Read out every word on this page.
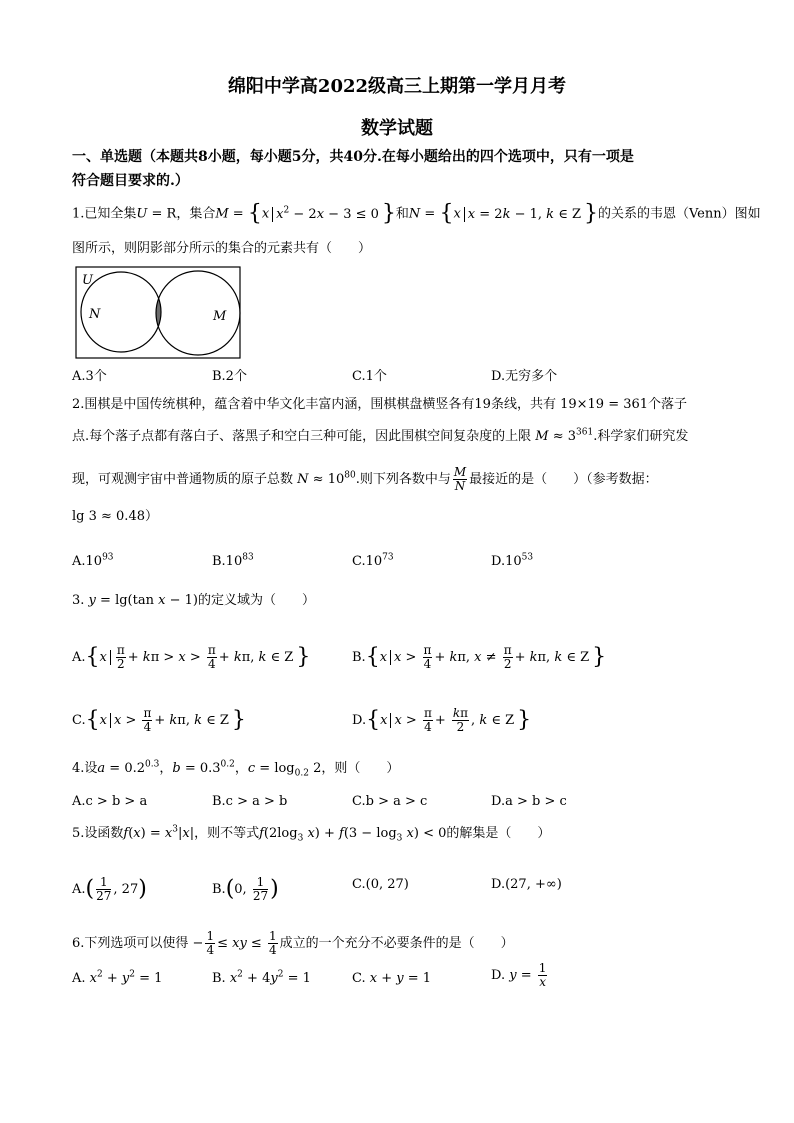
绵阳中学高2022级高三上期第一学月月考
数学试题
一、单选题（本题共8小题，每小题5分，共40分.在每小题给出的四个选项中，只有一项是
符合题目要求的.）
1.已知全集U = R，集合M = {x $x^2 - 2x - 3 \le 0$ }和N = {x x = 2k − 1, k ∈ Z }的关系的韦恩（Venn）图如
图所示，则阴影部分所示的集合的元素共有（　　）
U
N	M
A.3个	B.2个	C.1个	D.无穷多个
2.围棋是中国传统棋种，蕴含着中华文化丰富内涵，围棋棋盘横竖各有19条线，共有 19×19 = 361个落子
点.每个落子点都有落白子、落黑子和空白三种可能，因此围棋空间复杂度的上限 $M \approx 3^{361}$.科学家们研究发
现，可观测宇宙中普通物质的原子总数 $N \approx 10^{80}$.则下列各数中与 $\frac{M}{N}$ 最接近的是（　　）（参考数据：
lg 3 ≈ 0.48）
$A.10^{93}$	$B.10^{83}$	$C.10^{73}$	$D.10^{53}$
3. y = lg(tan x − 1)的定义域为（　　）
$A.\{x \frac{\pi}{2} + k\pi > x > \frac{\pi}{4} + k\pi$, k ∈ Z }	B.{x $x > \frac{\pi}{4} + k\pi$, $x \ne \frac{\pi}{2} + k\pi$, k ∈ Z }
C.{x $x > \frac{\pi}{4} + k\pi$, k ∈ Z }	D.{x $x > \frac{\pi}{4} + \frac{k\pi}{2}$ , k ∈ Z }
4.设$a = 0.2^{0.3}$，$b = 0.3^{0.2}$，$c = \log_{0.2} 2$，则（　　）
A.c > b > a	B.c > a > b	C.b > a > c	D.a > b > c
5.设函数$f(x) = x^3|x|$，则不等式$f(2\log_3$ $x) + f(3 - \log_3 x) < 0$的解集是（　　）
$A.( \frac{1}{27}$ , 27)	B.(0, $\frac{1}{27}$ )	C.(0, 27)	D.(27, +∞)
6.下列选项可以使得 − $\frac{1}{4}$ ≤ xy ≤ $\frac{1}{4}$ 成立的一个充分不必要条件的是（　　）
A. $x^2 + y^2 = 1$	B. $x^2 + 4y^2 = 1$	C. x + y = 1	D. $y = \frac{1}{x}$
